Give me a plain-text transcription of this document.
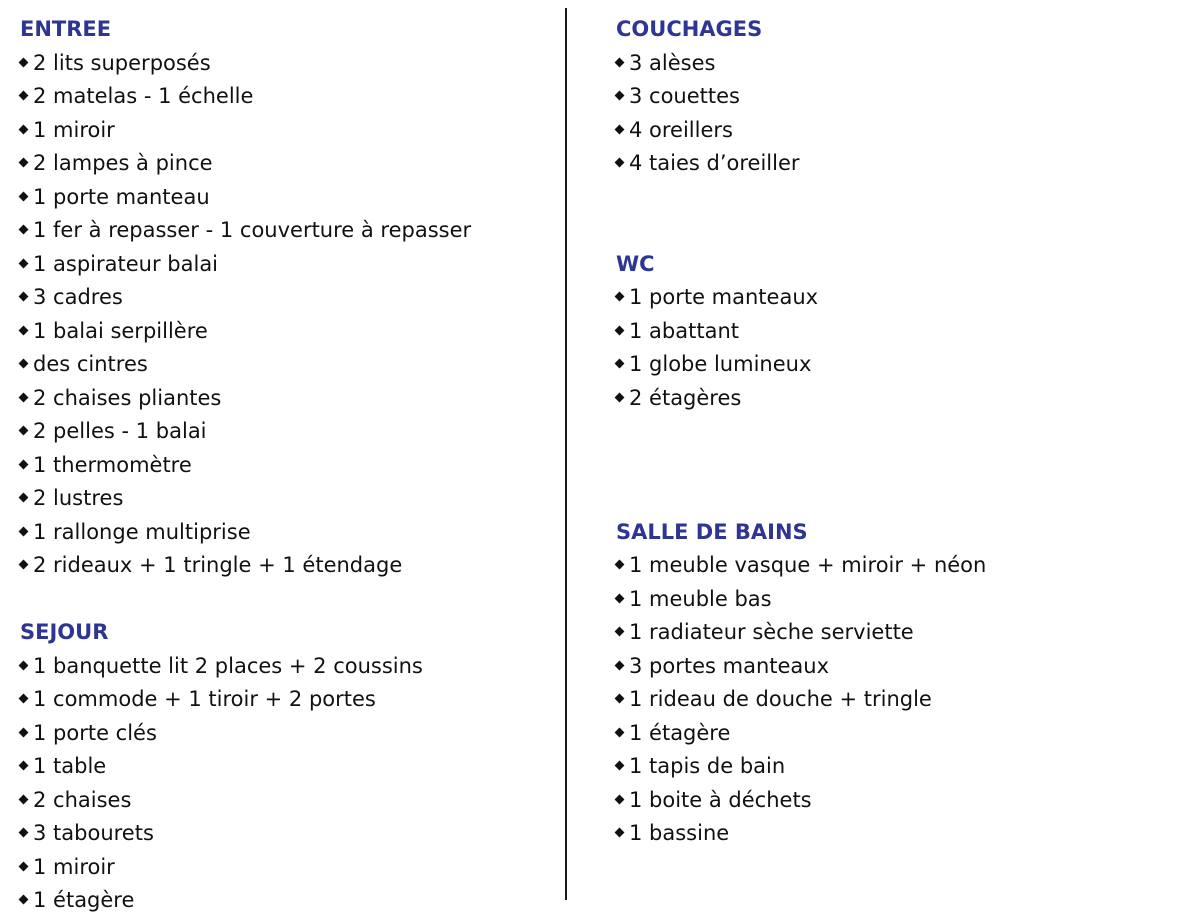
ENTREE
2 lits superposés
2 matelas - 1 échelle
1 miroir
2 lampes à pince
1 porte manteau
1 fer à repasser - 1 couverture à repasser
1 aspirateur balai
3 cadres
1 balai serpillère
des cintres
2 chaises pliantes
2 pelles - 1 balai
1 thermomètre
2 lustres
1 rallonge multiprise
2 rideaux + 1 tringle + 1 étendage
SEJOUR
1 banquette lit 2 places + 2 coussins
1 commode + 1 tiroir + 2 portes
1 porte clés
1 table
2 chaises
3 tabourets
1 miroir
1 étagère
COUCHAGES
3 alèses
3 couettes
4 oreillers
4 taies d’oreiller
WC
1 porte manteaux
1 abattant
1 globe lumineux
2 étagères
SALLE DE BAINS
1 meuble vasque + miroir + néon
1 meuble bas
1 radiateur sèche serviette
3 portes manteaux
1 rideau de douche + tringle
1 étagère
1 tapis de bain
1 boite à déchets
1 bassine
